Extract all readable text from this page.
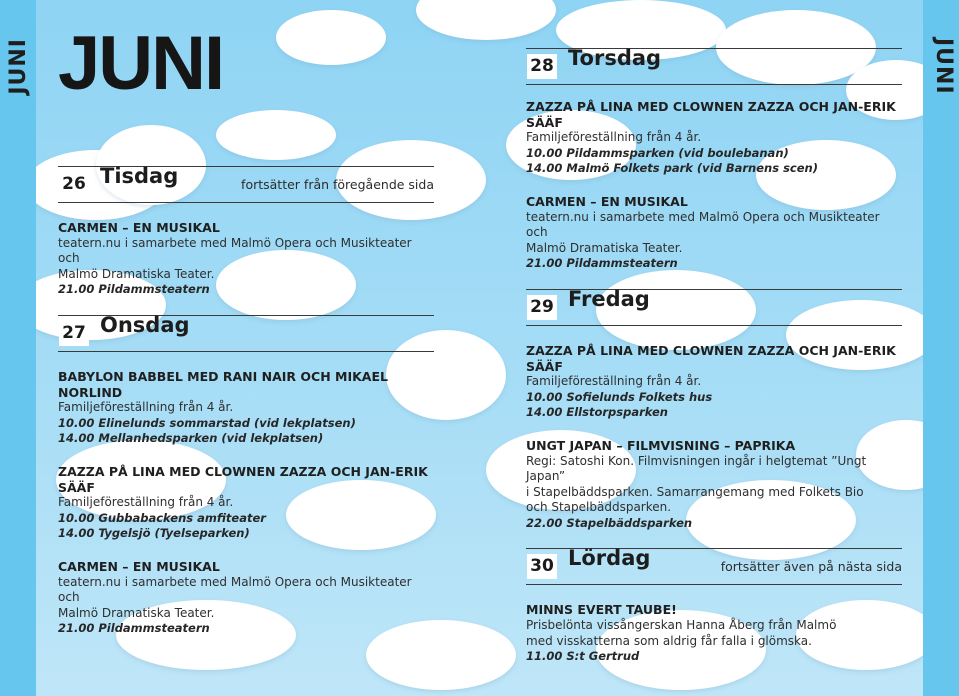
JUNI	JUNI
JUNI
26 Tisdag	fortsätter från föregående sida
CARMEN – EN MUSIKAL
teatern.nu i samarbete med Malmö Opera och Musikteater och
Malmö Dramatiska Teater.
21.00 Pildammsteatern
27 Onsdag
BABYLON BABBEL MED RANI NAIR OCH MIKAEL NORLIND
Familjeföreställning från 4 år.
10.00 Elinelunds sommarstad (vid lekplatsen)
14.00 Mellanhedsparken (vid lekplatsen)
ZAZZA PÅ LINA MED CLOWNEN ZAZZA OCH JAN-ERIK SÄÄF
Familjeföreställning från 4 år.
10.00 Gubbabackens amfiteater
14.00 Tygelsjö (Tyelseparken)
CARMEN – EN MUSIKAL
teatern.nu i samarbete med Malmö Opera och Musikteater och
Malmö Dramatiska Teater.
21.00 Pildammsteatern
28 Torsdag
ZAZZA PÅ LINA MED CLOWNEN ZAZZA OCH JAN-ERIK SÄÄF
Familjeföreställning från 4 år.
10.00 Pildammsparken (vid boulebanan)
14.00 Malmö Folkets park (vid Barnens scen)
CARMEN – EN MUSIKAL
teatern.nu i samarbete med Malmö Opera och Musikteater och
Malmö Dramatiska Teater.
21.00 Pildammsteatern
29 Fredag
ZAZZA PÅ LINA MED CLOWNEN ZAZZA OCH JAN-ERIK SÄÄF
Familjeföreställning från 4 år.
10.00 Sofielunds Folkets hus
14.00 Ellstorpsparken
UNGT JAPAN – FILMVISNING – PAPRIKA
Regi: Satoshi Kon. Filmvisningen ingår i helgtemat ”Ungt Japan”
i Stapelbäddsparken. Samarrangemang med Folkets Bio
och Stapelbäddsparken.
22.00 Stapelbäddsparken
30 Lördag	fortsätter även på nästa sida
MINNS EVERT TAUBE!
Prisbelönta vissångerskan Hanna Åberg från Malmö
med visskatterna som aldrig får falla i glömska.
11.00 S:t Gertrud
